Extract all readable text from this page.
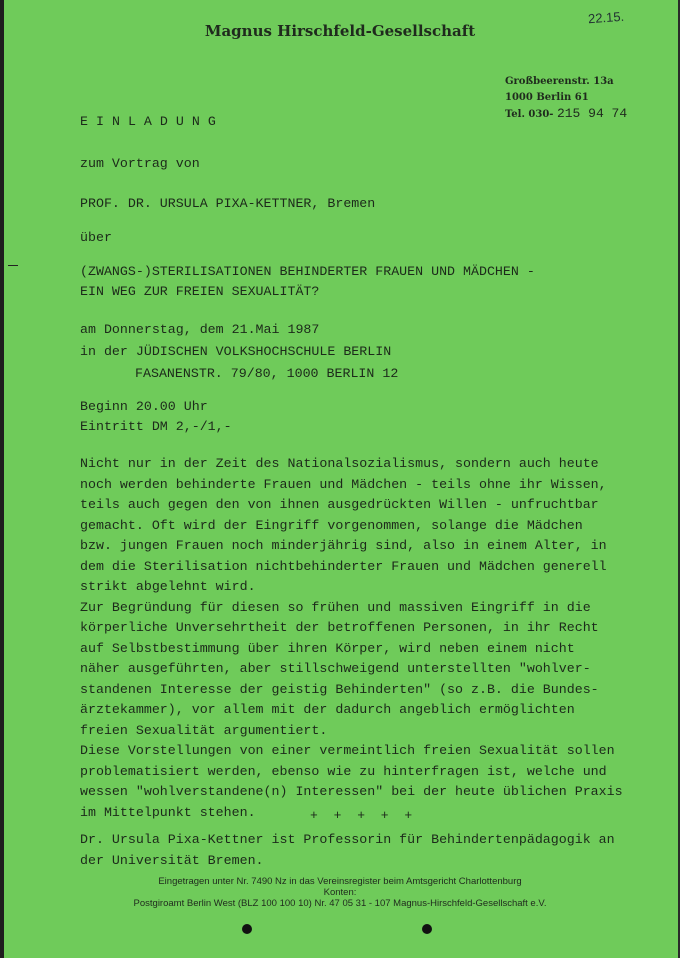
Magnus Hirschfeld-Gesellschaft
22.15.
Großbeerenstr. 13a
1000 Berlin 61
Tel. 030- 215 94 74
EINLADUNG
zum Vortrag von
PROF. DR. URSULA PIXA-KETTNER, Bremen
über
(ZWANGS-)STERILISATIONEN BEHINDERTER FRAUEN UND MÄDCHEN -
EIN WEG ZUR FREIEN SEXUALITÄT?
am Donnerstag, dem 21.Mai 1987
in der JÜDISCHEN VOLKSHOCHSCHULE BERLIN
FASANENSTR. 79/80, 1000 BERLIN 12
Beginn 20.00 Uhr
Eintritt DM 2,-/1,-

Nicht nur in der Zeit des Nationalsozialismus, sondern auch heute

noch werden behinderte Frauen und Mädchen - teils ohne ihr Wissen,

teils auch gegen den von ihnen ausgedrückten Willen - unfruchtbar

gemacht. Oft wird der Eingriff vorgenommen, solange die Mädchen

bzw. jungen Frauen noch minderjährig sind, also in einem Alter, in

dem die Sterilisation nichtbehinderter Frauen und Mädchen generell

strikt abgelehnt wird.

Zur Begründung für diesen so frühen und massiven Eingriff in die

körperliche Unversehrtheit der betroffenen Personen, in ihr Recht

auf Selbstbestimmung über ihren Körper, wird neben einem nicht

näher ausgeführten, aber stillschweigend unterstellten "wohlver-

standenen Interesse der geistig Behinderten" (so z.B. die Bundes-

ärztekammer), vor allem mit der dadurch angeblich ermöglichten

freien Sexualität argumentiert.

Diese Vorstellungen von einer vermeintlich freien Sexualität sollen

problematisiert werden, ebenso wie zu hinterfragen ist, welche und

wessen "wohlverstandene(n) Interessen" bei der heute üblichen Praxis

im Mittelpunkt stehen.	+ + + + +

Dr. Ursula Pixa-Kettner ist Professorin für Behindertenpädagogik an

der Universität Bremen.

Eingetragen unter Nr. 7490 Nz in das Vereinsregister beim Amtsgericht Charlottenburg
Konten:
Postgiroamt Berlin West (BLZ 100 100 10) Nr. 47 05 31 - 107 Magnus-Hirschfeld-Gesellschaft e.V.
